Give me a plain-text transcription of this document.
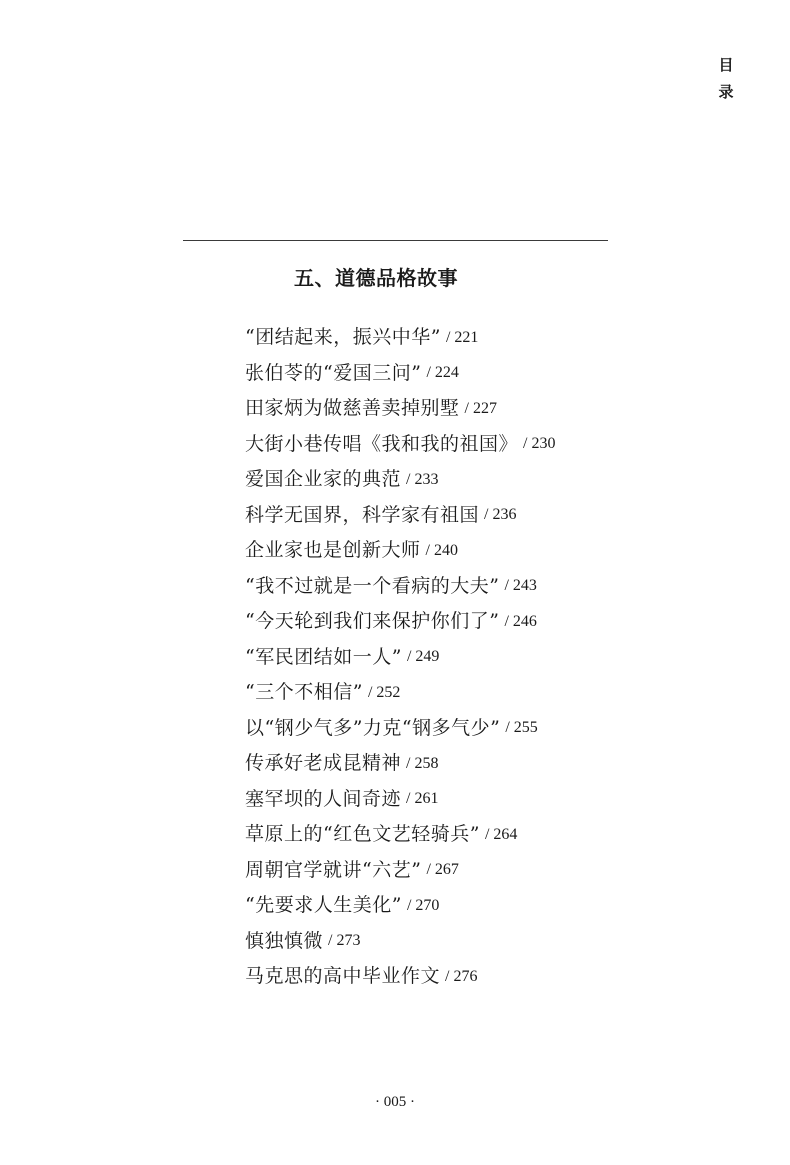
目
录
五、道德品格故事
“团结起来，振兴中华” / 221
张伯苓的“爱国三问” / 224
田家炳为做慈善卖掉别墅 / 227
大街小巷传唱《我和我的祖国》 / 230
爱国企业家的典范 / 233
科学无国界，科学家有祖国 / 236
企业家也是创新大师 / 240
“我不过就是一个看病的大夫” / 243
“今天轮到我们来保护你们了” / 246
“军民团结如一人” / 249
“三个不相信” / 252
以“钢少气多”力克“钢多气少” / 255
传承好老成昆精神 / 258
塞罕坝的人间奇迹 / 261
草原上的“红色文艺轻骑兵” / 264
周朝官学就讲“六艺” / 267
“先要求人生美化” / 270
慎独慎微 / 273
马克思的高中毕业作文 / 276
· 005 ·
